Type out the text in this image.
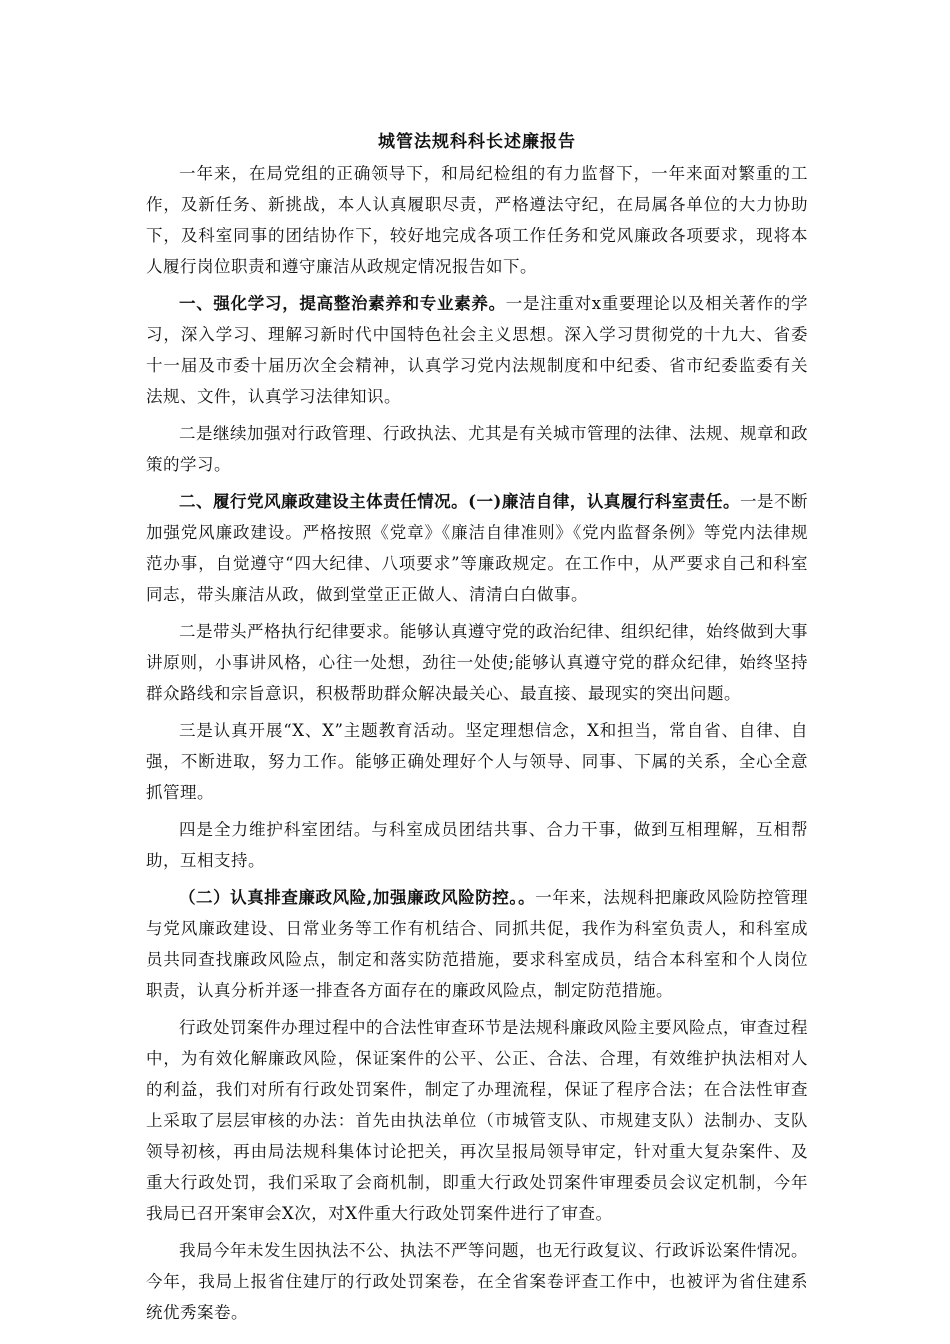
城管法规科科长述廉报告

一年来，在局党组的正确领导下，和局纪检组的有力监督下，一年来面对繁重的工作，及新任务、新挑战，本人认真履职尽责，严格遵法守纪，在局属各单位的大力协助下，及科室同事的团结协作下，较好地完成各项工作任务和党风廉政各项要求，现将本人履行岗位职责和遵守廉洁从政规定情况报告如下。

一、强化学习，提高整治素养和专业素养。一是注重对x重要理论以及相关著作的学习，深入学习、理解习新时代中国特色社会主义思想。深入学习贯彻党的十九大、省委十一届及市委十届历次全会精神，认真学习党内法规制度和中纪委、省市纪委监委有关法规、文件，认真学习法律知识。

二是继续加强对行政管理、行政执法、尤其是有关城市管理的法律、法规、规章和政策的学习。

二、履行党风廉政建设主体责任情况。(一)廉洁自律，认真履行科室责任。一是不断加强党风廉政建设。严格按照《党章》《廉洁自律准则》《党内监督条例》等党内法律规范办事，自觉遵守“四大纪律、八项要求”等廉政规定。在工作中，从严要求自己和科室同志，带头廉洁从政，做到堂堂正正做人、清清白白做事。

二是带头严格执行纪律要求。能够认真遵守党的政治纪律、组织纪律，始终做到大事讲原则，小事讲风格，心往一处想，劲往一处使;能够认真遵守党的群众纪律，始终坚持群众路线和宗旨意识，积极帮助群众解决最关心、最直接、最现实的突出问题。

三是认真开展“X、X”主题教育活动。坚定理想信念，X和担当，常自省、自律、自强，不断进取，努力工作。能够正确处理好个人与领导、同事、下属的关系，全心全意抓管理。

四是全力维护科室团结。与科室成员团结共事、合力干事，做到互相理解，互相帮助，互相支持。

（二）认真排查廉政风险,加强廉政风险防控。。一年来，法规科把廉政风险防控管理与党风廉政建设、日常业务等工作有机结合、同抓共促，我作为科室负责人，和科室成员共同查找廉政风险点，制定和落实防范措施，要求科室成员，结合本科室和个人岗位职责，认真分析并逐一排查各方面存在的廉政风险点，制定防范措施。

行政处罚案件办理过程中的合法性审查环节是法规科廉政风险主要风险点，审查过程中，为有效化解廉政风险，保证案件的公平、公正、合法、合理，有效维护执法相对人的利益，我们对所有行政处罚案件，制定了办理流程，保证了程序合法；在合法性审查上采取了层层审核的办法：首先由执法单位（市城管支队、市规建支队）法制办、支队领导初核，再由局法规科集体讨论把关，再次呈报局领导审定，针对重大复杂案件、及重大行政处罚，我们采取了会商机制，即重大行政处罚案件审理委员会议定机制，今年我局已召开案审会X次，对X件重大行政处罚案件进行了审查。

我局今年未发生因执法不公、执法不严等问题，也无行政复议、行政诉讼案件情况。今年，我局上报省住建厅的行政处罚案卷，在全省案卷评查工作中，也被评为省住建系统优秀案卷。
